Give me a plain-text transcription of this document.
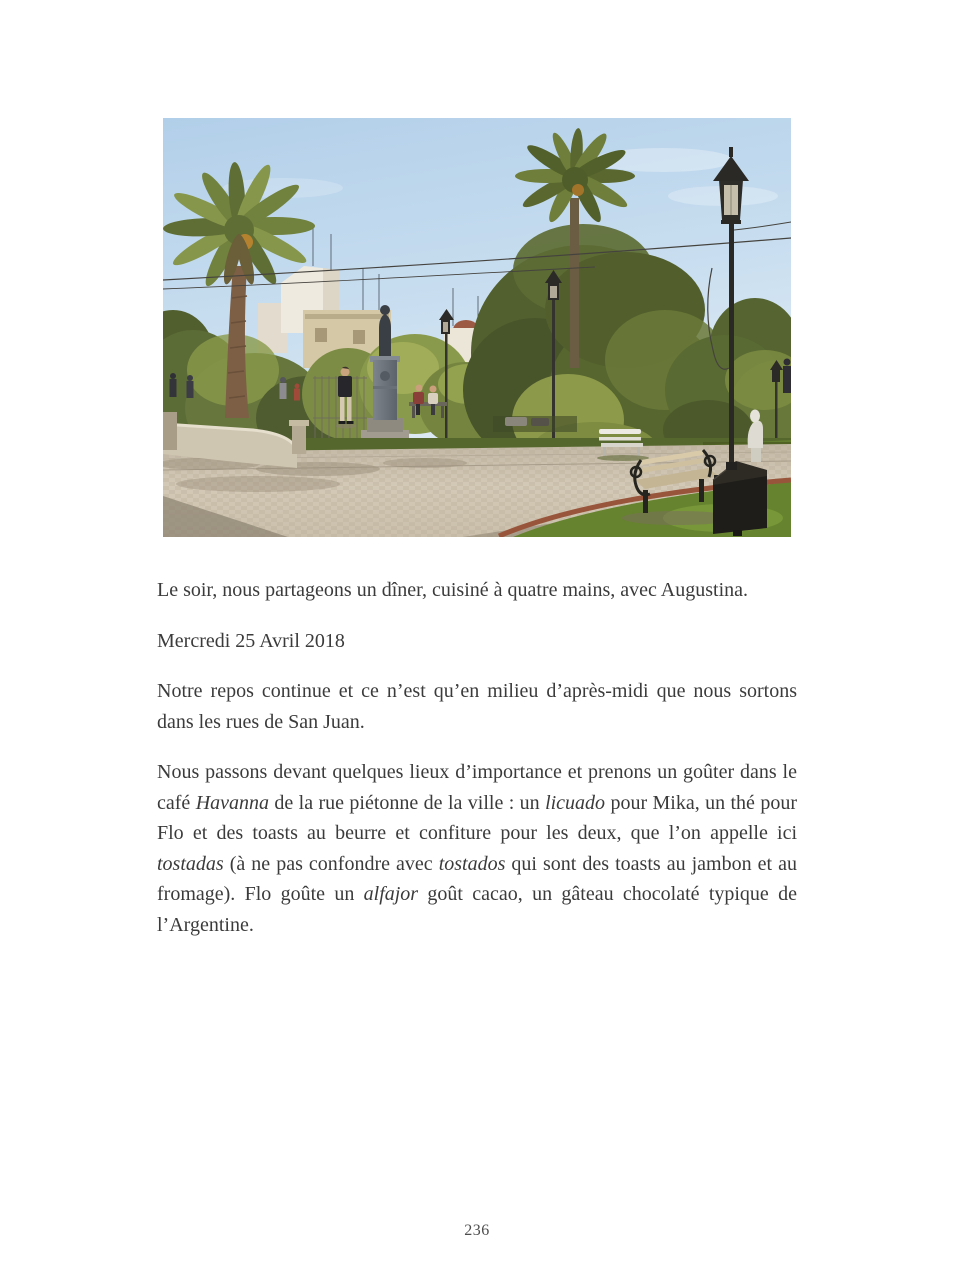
Le soir, nous partageons un dîner, cuisiné à quatre mains, avec Augustina.

Mercredi 25 Avril 2018

Notre repos continue et ce n’est qu’en milieu d’après-midi que nous sortons dans les rues de San Juan.

Nous passons devant quelques lieux d’importance et prenons un goûter dans le café Havanna de la rue piétonne de la ville : un licuado pour Mika, un thé pour Flo et des toasts au beurre et confiture pour les deux, que l’on appelle ici tostadas (à ne pas confondre avec tostados qui sont des toasts au jambon et au fromage). Flo goûte un alfajor goût cacao, un gâteau chocolaté typique de l’Argentine.

236
